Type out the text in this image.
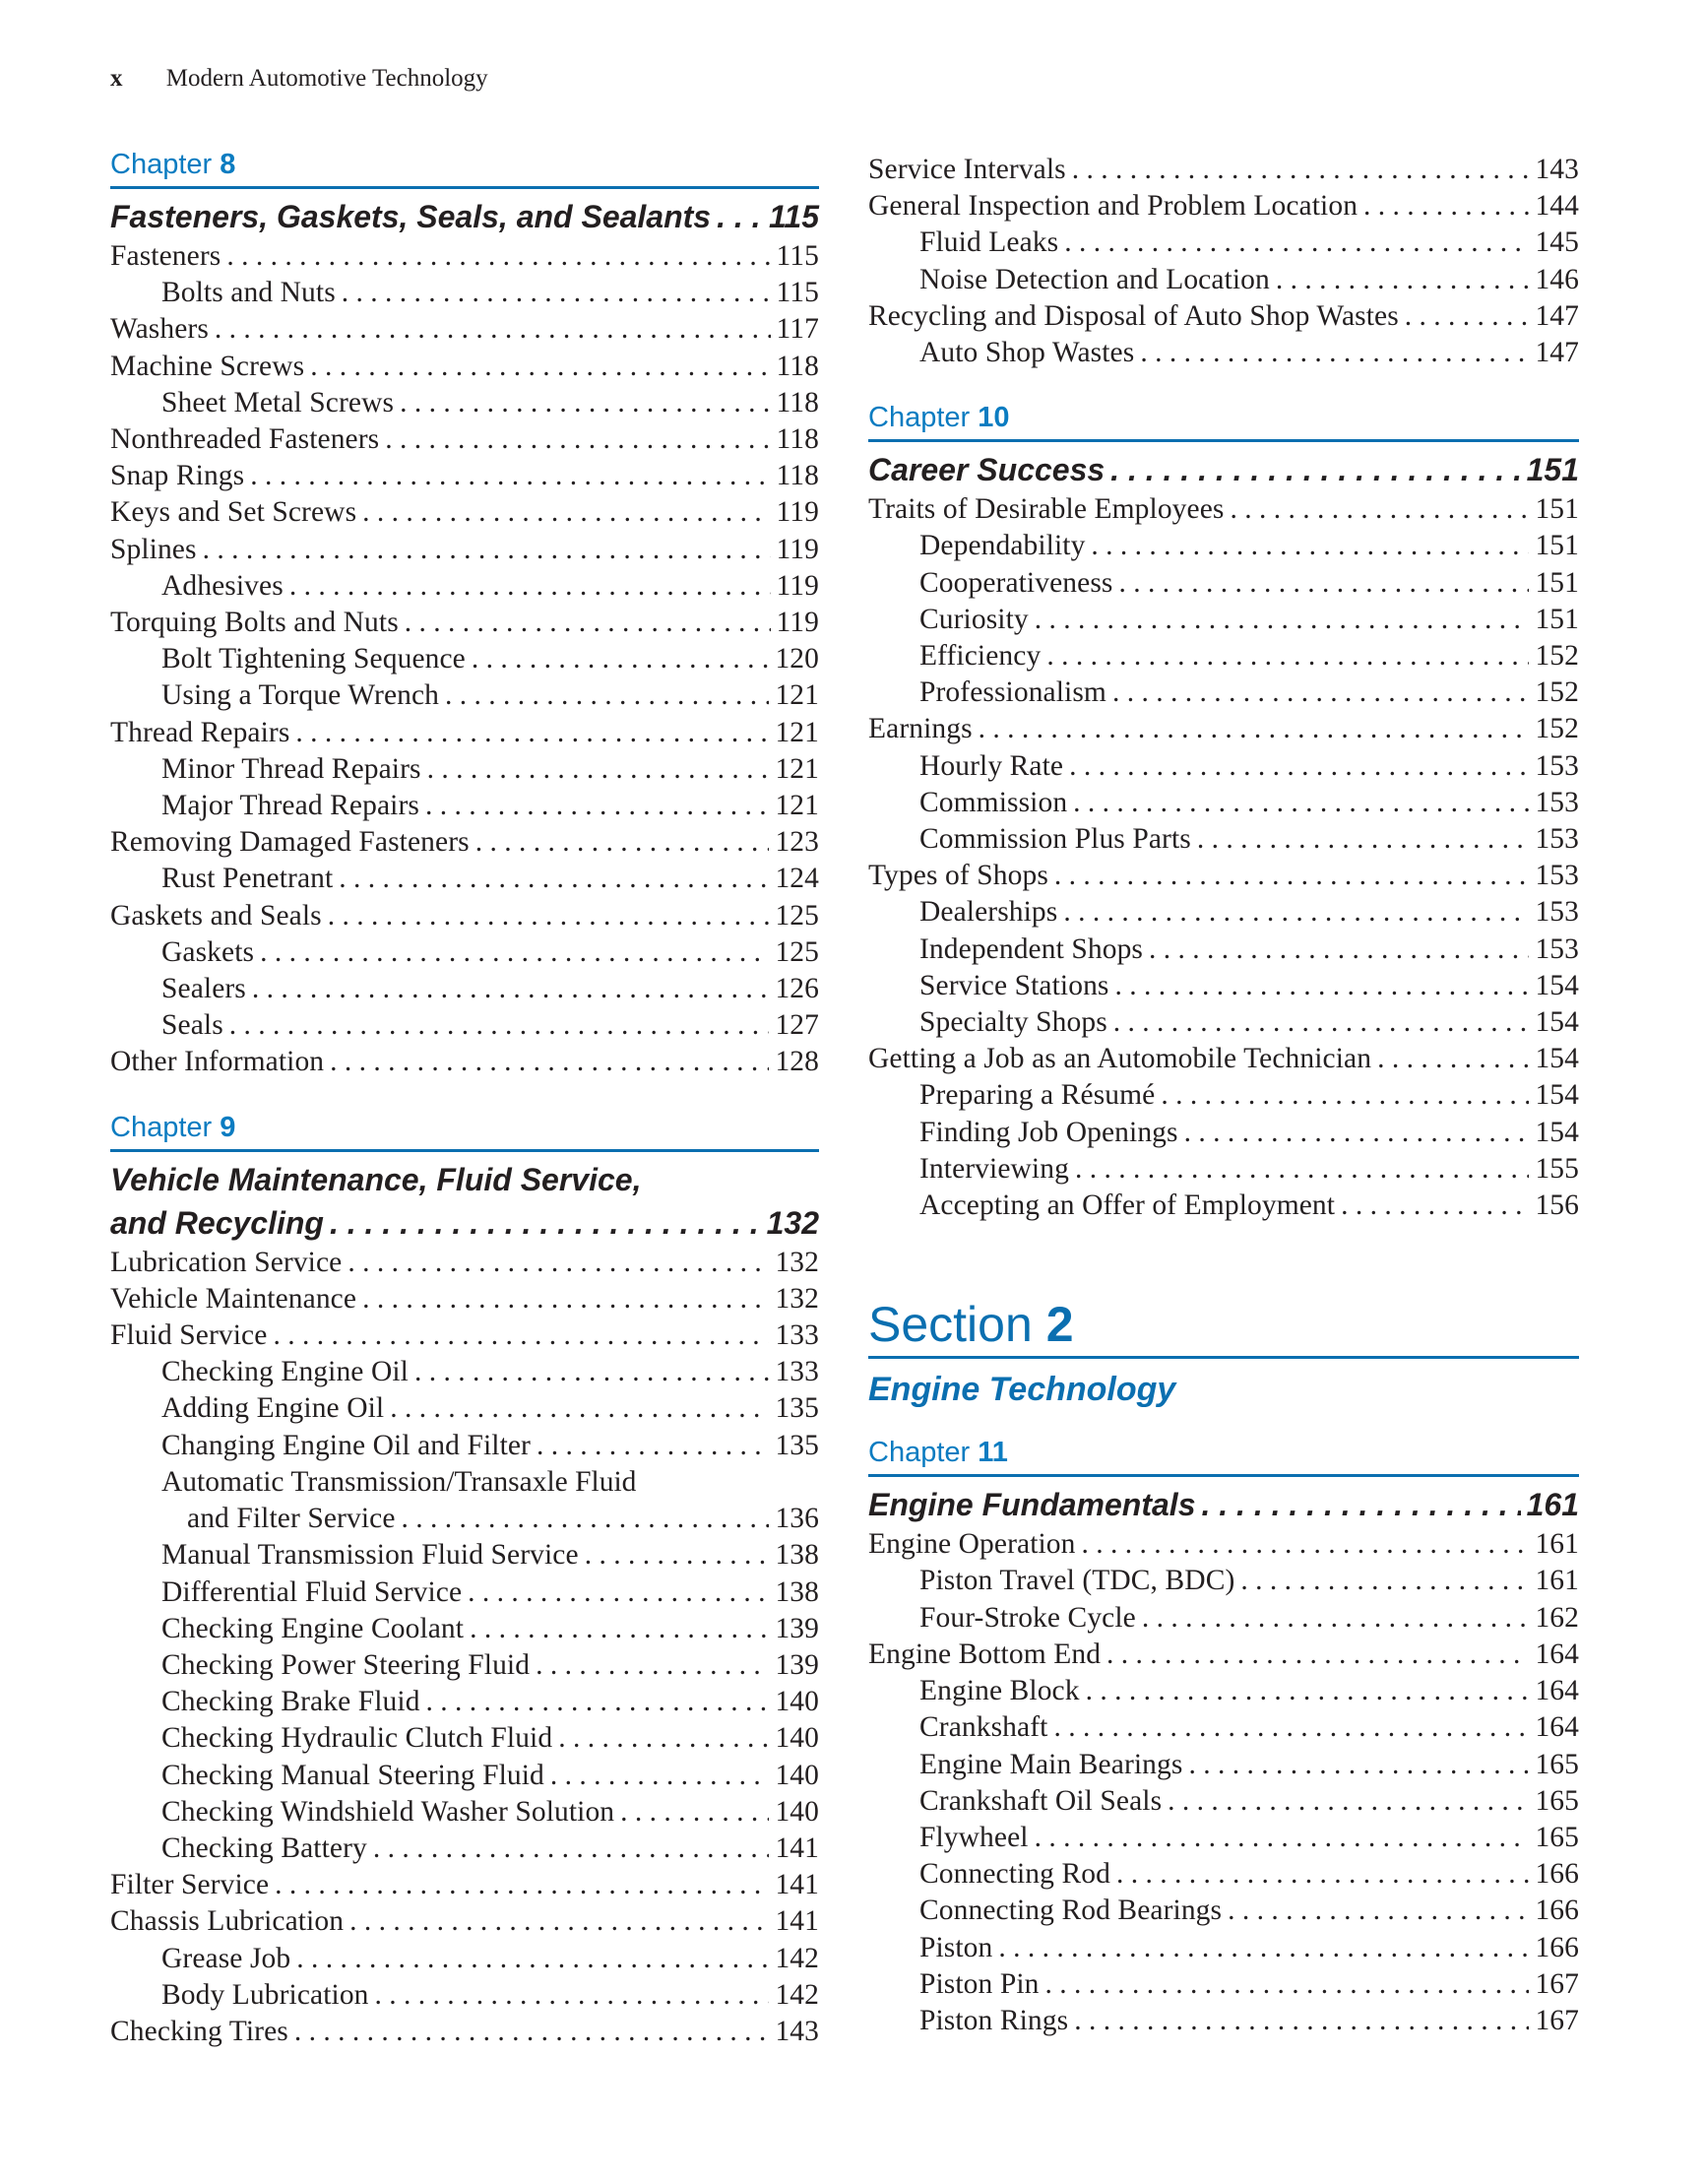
x Modern Automotive Technology
Chapter 8
Fasteners, Gaskets, Seals, and Sealants . . . 115
Fasteners . . .	115
Bolts and Nuts . . .	115
Washers . . .	117
Machine Screws . . .	118
Sheet Metal Screws . . .	118
Nonthreaded Fasteners . . .	118
Snap Rings . . .	118
Keys and Set Screws . . .	119
Splines . . .	119
Adhesives . . .	119
Torquing Bolts and Nuts . . .	119
Bolt Tightening Sequence . . .	120
Using a Torque Wrench . . .	121
Thread Repairs . . .	121
Minor Thread Repairs . . .	121
Major Thread Repairs . . .	121
Removing Damaged Fasteners . . .	123
Rust Penetrant . . .	124
Gaskets and Seals . . .	125
Gaskets . . .	125
Sealers . . .	126
Seals . . .	127
Other Information . . .	128
Chapter 9
Vehicle Maintenance, Fluid Service,
and Recycling . . .	132
Lubrication Service . . .	132
Vehicle Maintenance . . .	132
Fluid Service . . .	133
Checking Engine Oil . . .	133
Adding Engine Oil . . .	135
Changing Engine Oil and Filter . . .	135
Automatic Transmission/Transaxle Fluid
and Filter Service . . .	136
Manual Transmission Fluid Service . . .	138
Differential Fluid Service . . .	138
Checking Engine Coolant . . .	139
Checking Power Steering Fluid . . .	139
Checking Brake Fluid . . .	140
Checking Hydraulic Clutch Fluid . . .	140
Checking Manual Steering Fluid . . .	140
Checking Windshield Washer Solution . . .	140
Checking Battery . . .	141
Filter Service . . .	141
Chassis Lubrication . . .	141
Grease Job . . .	142
Body Lubrication . . .	142
Checking Tires . . .	143
Service Intervals . . .	143
General Inspection and Problem Location . . .	144
Fluid Leaks . . .	145
Noise Detection and Location . . .	146
Recycling and Disposal of Auto Shop Wastes . . .	147
Auto Shop Wastes . . .	147
Chapter 10
Career Success . . .	151
Traits of Desirable Employees . . .	151
Dependability . . .	151
Cooperativeness . . .	151
Curiosity . . .	151
Efficiency . . .	152
Professionalism . . .	152
Earnings . . .	152
Hourly Rate . . .	153
Commission . . .	153
Commission Plus Parts . . .	153
Types of Shops . . .	153
Dealerships . . .	153
Independent Shops . . .	153
Service Stations . . .	154
Specialty Shops . . .	154
Getting a Job as an Automobile Technician . . .	154
Preparing a Résumé . . .	154
Finding Job Openings . . .	154
Interviewing . . .	155
Accepting an Offer of Employment . . .	156
Section 2
Engine Technology
Chapter 11
Engine Fundamentals . . .	161
Engine Operation . . .	161
Piston Travel (TDC, BDC) . . .	161
Four-Stroke Cycle . . .	162
Engine Bottom End . . .	164
Engine Block . . .	164
Crankshaft . . .	164
Engine Main Bearings . . .	165
Crankshaft Oil Seals . . .	165
Flywheel . . .	165
Connecting Rod . . .	166
Connecting Rod Bearings . . .	166
Piston . . .	166
Piston Pin . . .	167
Piston Rings . . .	167
